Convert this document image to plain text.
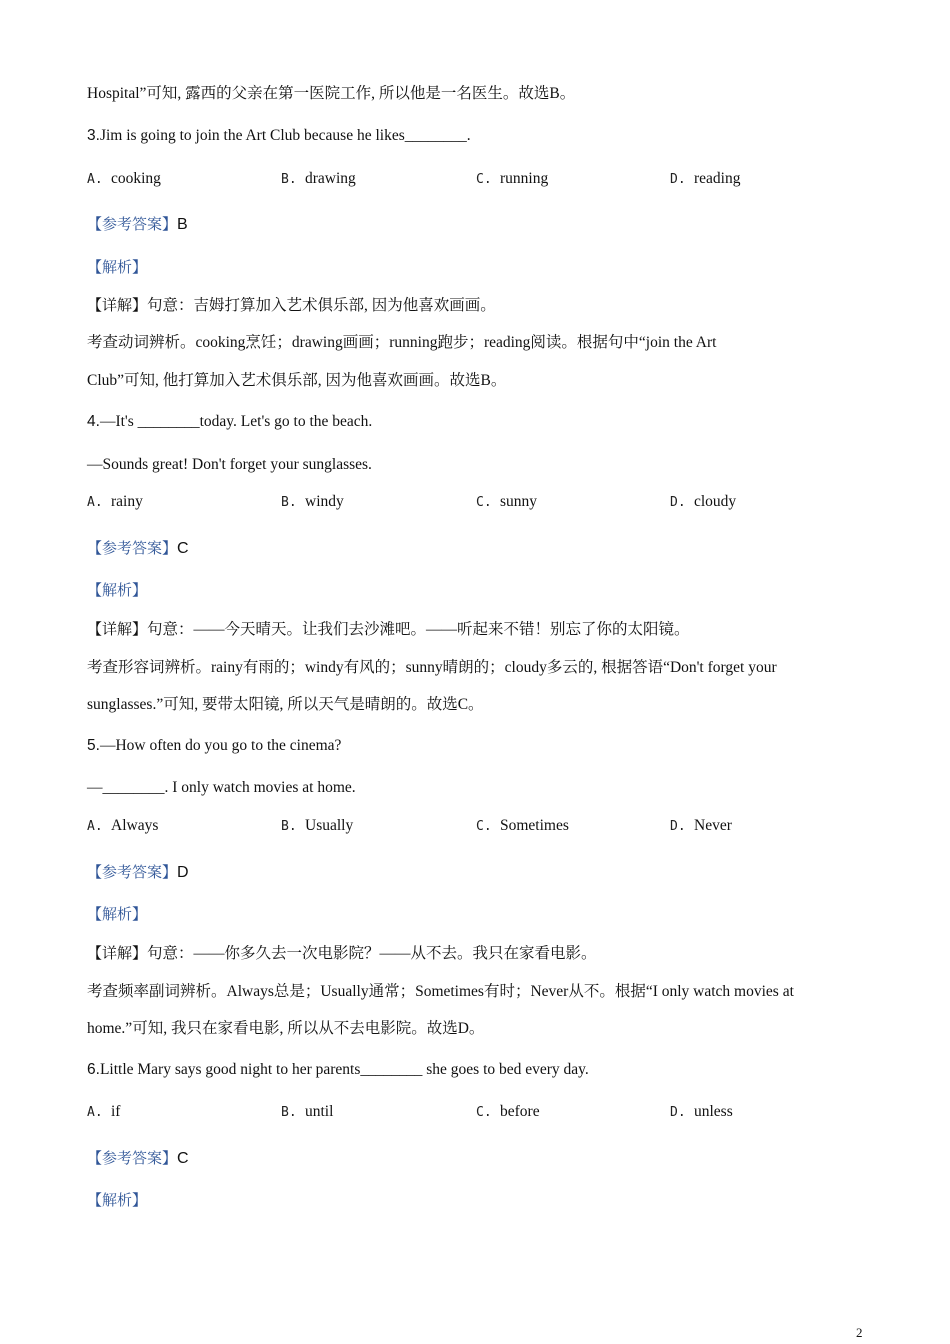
Hospital”可知, 露西的父亲在第一医院工作, 所以他是一名医生。故选B。
3.Jim is going to join the Art Club because he likes________.
A. cooking	B. drawing	C. running	D. reading
【参考答案】B
【解析】
【详解】句意：吉姆打算加入艺术俱乐部, 因为他喜欢画画。
考查动词辨析。cooking烹饪；drawing画画；running跑步；reading阅读。根据句中“join the Art
Club”可知, 他打算加入艺术俱乐部, 因为他喜欢画画。故选B。
4.—It's ________today. Let's go to the beach.
—Sounds great! Don't forget your sunglasses.
A. rainy	B. windy	C. sunny	D. cloudy
【参考答案】C
【解析】
【详解】句意：——今天晴天。让我们去沙滩吧。——听起来不错！别忘了你的太阳镜。
考查形容词辨析。rainy有雨的；windy有风的；sunny晴朗的；cloudy多云的, 根据答语“Don't forget your
sunglasses.”可知, 要带太阳镜, 所以天气是晴朗的。故选C。
5.—How often do you go to the cinema?
—________. I only watch movies at home.
A. Always	B. Usually	C. Sometimes	D. Never
【参考答案】D
【解析】
【详解】句意：——你多久去一次电影院？——从不去。我只在家看电影。
考查频率副词辨析。Always总是；Usually通常；Sometimes有时；Never从不。根据“I only watch movies at
home.”可知, 我只在家看电影, 所以从不去电影院。故选D。
6.Little Mary says good night to her parents________ she goes to bed every day.
A. if	B. until	C. before	D. unless
【参考答案】C
【解析】
2
